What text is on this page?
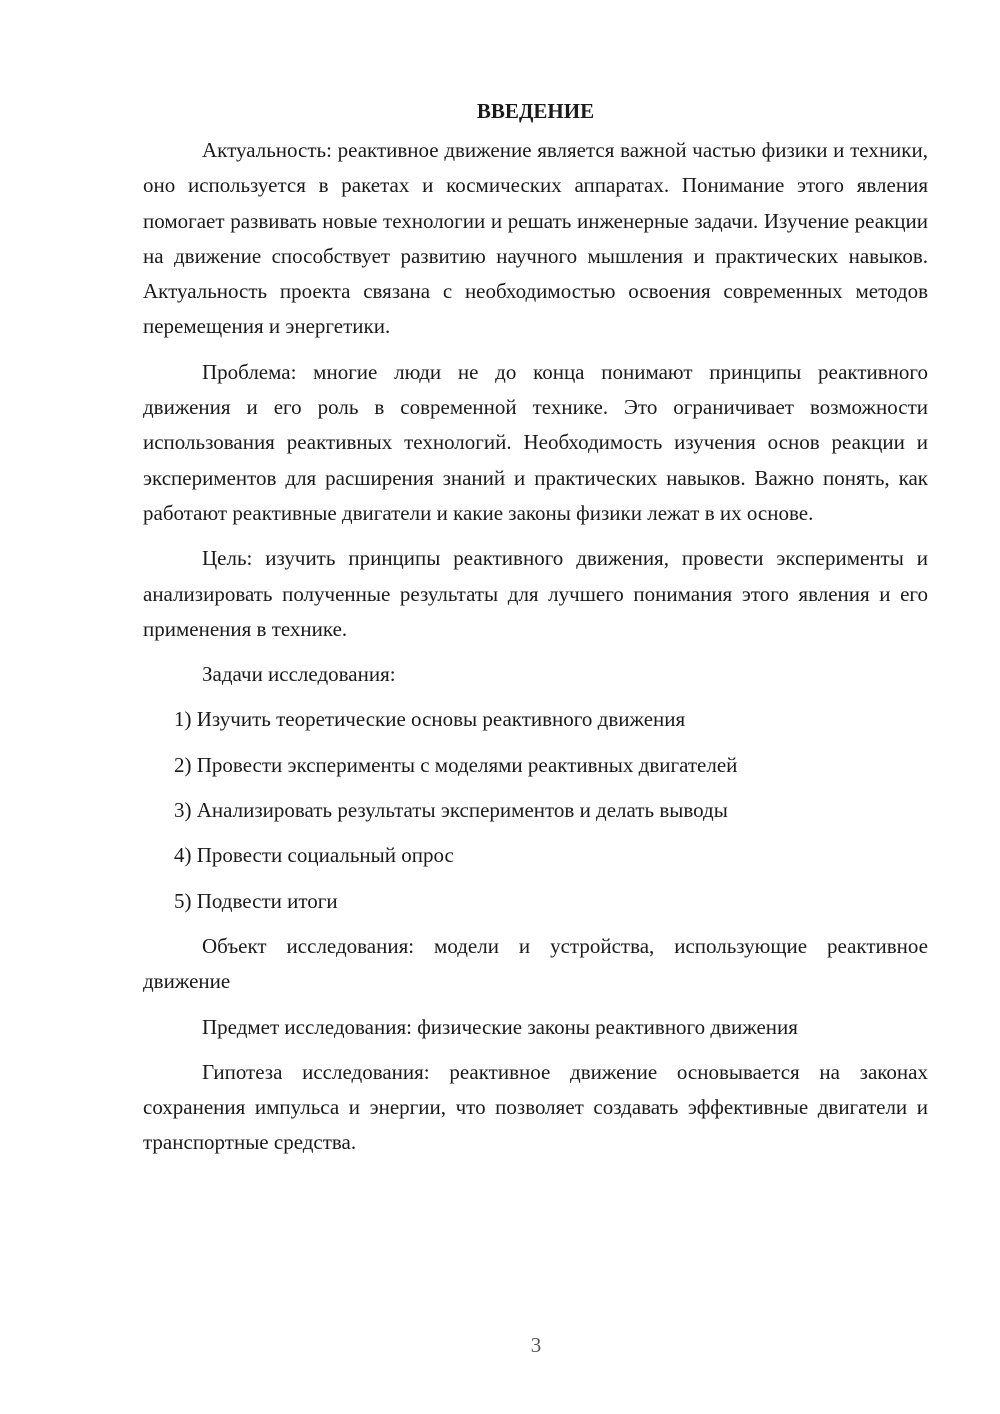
ВВЕДЕНИЕ

Актуальность: реактивное движение является важной частью физики и техники, оно используется в ракетах и космических аппаратах. Понимание этого явления помогает развивать новые технологии и решать инженерные задачи. Изучение реакции на движение способствует развитию научного мышления и практических навыков. Актуальность проекта связана с необходимостью освоения современных методов перемещения и энергетики.

Проблема: многие люди не до конца понимают принципы реактивного движения и его роль в современной технике. Это ограничивает возможности использования реактивных технологий. Необходимость изучения основ реакции и экспериментов для расширения знаний и практических навыков. Важно понять, как работают реактивные двигатели и какие законы физики лежат в их основе.

Цель: изучить принципы реактивного движения, провести эксперименты и анализировать полученные результаты для лучшего понимания этого явления и его применения в технике.

Задачи исследования:

1) Изучить теоретические основы реактивного движения

2) Провести эксперименты с моделями реактивных двигателей

3) Анализировать результаты экспериментов и делать выводы

4) Провести социальный опрос

5) Подвести итоги

Объект исследования: модели и устройства, использующие реактивное движение

Предмет исследования: физические законы реактивного движения

Гипотеза исследования: реактивное движение основывается на законах сохранения импульса и энергии, что позволяет создавать эффективные двигатели и транспортные средства.

3
